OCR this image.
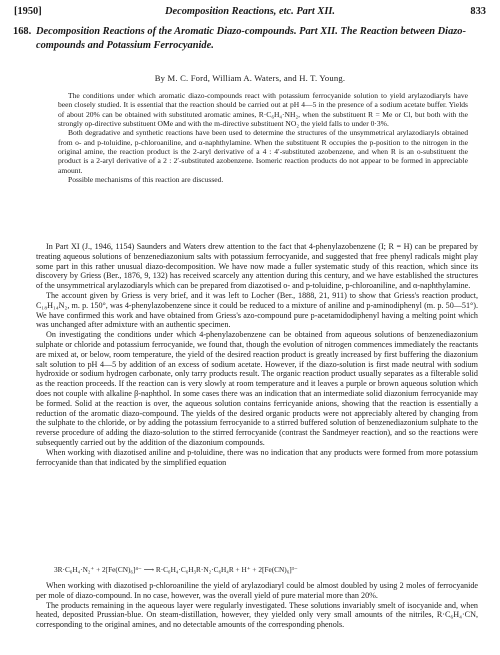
[1950]	Decomposition Reactions, etc. Part XII.	833
168. Decomposition Reactions of the Aromatic Diazo-compounds. Part XII. The Reaction between Diazo-compounds and Potassium Ferrocyanide.
By M. C. Ford, William A. Waters, and H. T. Young.

The conditions under which aromatic diazo-compounds react with potassium ferrocyanide solution to yield arylazodiaryls have been closely studied. It is essential that the reaction should be carried out at pH 4—5 in the presence of a sodium acetate buffer. Yields of about 20% can be obtained with substituted aromatic amines, R·C₆H₄·NH₂, when the substituent R = Me or Cl, but both with the strongly op-directive substituent OMe and with the m-directive substituent NO₂ the yield falls to under 0·3%.

Both degradative and synthetic reactions have been used to determine the structures of the unsymmetrical arylazodiaryls obtained from o- and p-toluidine, p-chloroaniline, and α-naphthylamine. When the substituent R occupies the p-position to the nitrogen in the original amine, the reaction product is the 2-aryl derivative of a 4 : 4′-substituted azobenzene, and when R is an o-substituent the product is a 2-aryl derivative of a 2 : 2′-substituted azobenzene. Isomeric reaction products do not appear to be formed in appreciable amount.

Possible mechanisms of this reaction are discussed.

In Part XI (J., 1946, 1154) Saunders and Waters drew attention to the fact that 4-phenylazobenzene (I; R = H) can be prepared by treating aqueous solutions of benzenediazonium salts with potassium ferrocyanide, and suggested that free phenyl radicals might play some part in this rather unusual diazo-decomposition. We have now made a fuller systematic study of this reaction, which since its discovery by Griess (Ber., 1876, 9, 132) has received scarcely any attention during this century, and we have established the structures of the unsymmetrical arylazodiaryls which can be prepared from diazotised o- and p-toluidine, p-chloroaniline, and α-naphthylamine.

The account given by Griess is very brief, and it was left to Locher (Ber., 1888, 21, 911) to show that Griess's reaction product, C₁₈H₁₄N₂, m. p. 150°, was 4-phenylazobenzene since it could be reduced to a mixture of aniline and p-aminodiphenyl (m. p. 50—51°). We have confirmed this work and have obtained from Griess's azo-compound pure p-acetamidodiphenyl having a melting point which was unchanged after admixture with an authentic specimen.

On investigating the conditions under which 4-phenylazobenzene can be obtained from aqueous solutions of benzenediazonium sulphate or chloride and potassium ferrocyanide, we found that, though the evolution of nitrogen commences immediately the reactants are mixed at, or below, room temperature, the yield of the desired reaction product is greatly increased by first buffering the diazonium salt solution to pH 4—5 by addition of an excess of sodium acetate. However, if the diazo-solution is first made neutral with sodium hydroxide or sodium hydrogen carbonate, only tarry products result. The organic reaction product usually separates as a filterable solid as the reaction proceeds. If the reaction can is very slowly at room temperature and it leaves a purple or brown aqueous solution which does not couple with alkaline β-naphthol. In some cases there was an indication that an intermediate solid diazonium ferrocyanide may be formed. Solid at the reaction is over, the aqueous solution contains ferricyanide anions, showing that the reaction is essentially a reduction of the aromatic diazo-compound. The yields of the desired organic products were not appreciably altered by changing from the sulphate to the chloride, or by adding the potassium ferrocyanide to a stirred buffered solution of benzenediazonium sulphate to the reverse procedure of adding the diazo-solution to the stirred ferrocyanide (contrast the Sandmeyer reaction), and so the reactions were subsequently carried out by the addition of the diazonium compounds.

When working with diazotised aniline and p-toluidine, there was no indication that any products were formed from more potassium ferrocyanide than that indicated by the simplified equation

3R·C₆H₄·N₂⁺ + 2[Fe(CN)₆]⁴⁻ ⟶ R·C₆H₄·C₆H₃R·N₂·C₆H₄R + H⁺ + 2[Fe(CN)₆]³⁻

When working with diazotised p-chloroaniline the yield of arylazodiaryl could be almost doubled by using 2 moles of ferrocyanide per mole of diazo-compound. In no case, however, was the overall yield of pure material more than 20%.

The products remaining in the aqueous layer were regularly investigated. These solutions invariably smelt of isocyanide and, when heated, deposited Prussian-blue. On steam-distillation, however, they yielded only very small amounts of the nitriles, R·C₆H₄·CN, corresponding to the original amines, and no detectable amounts of the corresponding phenols.
